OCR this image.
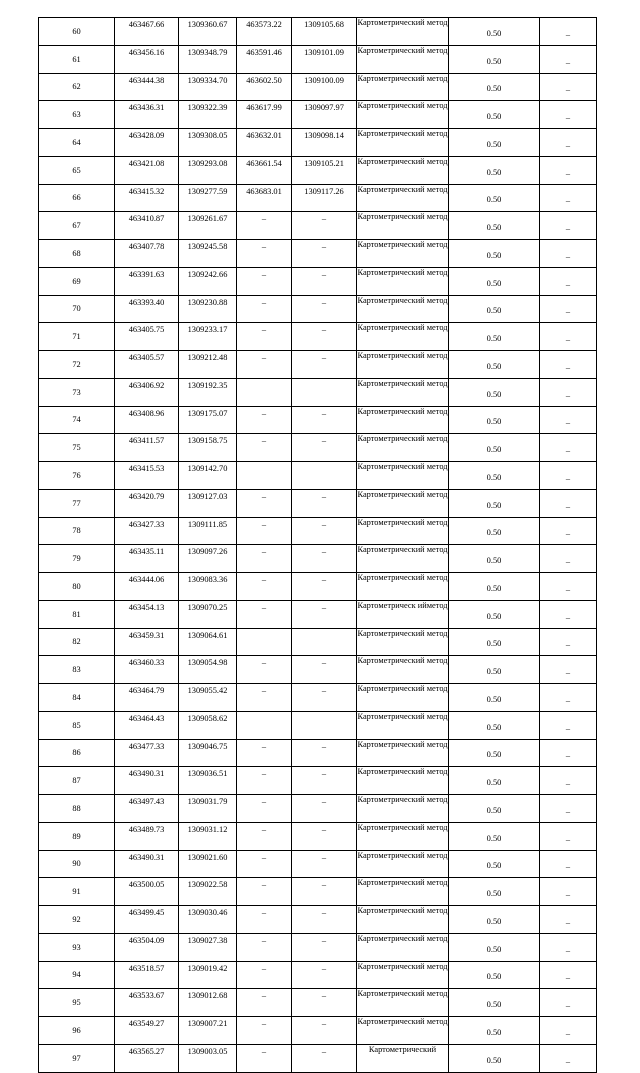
60	463467.66	1309360.67	463573.22	1309105.68	Картометрический метод	0.50	–
61	463456.16	1309348.79	463591.46	1309101.09	Картометрический метод	0.50	–
62	463444.38	1309334.70	463602.50	1309100.09	Картометрический метод	0.50	–
63	463436.31	1309322.39	463617.99	1309097.97	Картометрический метод	0.50	–
64	463428.09	1309308.05	463632.01	1309098.14	Картометрический метод	0.50	–
65	463421.08	1309293.08	463661.54	1309105.21	Картометрический метод	0.50	–
66	463415.32	1309277.59	463683.01	1309117.26	Картометрический метод	0.50	–
67	463410.87	1309261.67	–	–	Картометрический метод	0.50	–
68	463407.78	1309245.58	–	–	Картометрический метод	0.50	–
69	463391.63	1309242.66	–	–	Картометрический метод	0.50	–
70	463393.40	1309230.88	–	–	Картометрический метод	0.50	–
71	463405.75	1309233.17	–	–	Картометрический метод	0.50	–
72	463405.57	1309212.48	–	–	Картометрический метод	0.50	–
73	463406.92	1309192.35			Картометрический метод	0.50	–
74	463408.96	1309175.07	–	–	Картометрический метод	0.50	–
75	463411.57	1309158.75	–	–	Картометрический метод	0.50	–
76	463415.53	1309142.70			Картометрический метод	0.50	–
77	463420.79	1309127.03	–	–	Картометрический метод	0.50	–
78	463427.33	1309111.85	–	–	Картометрический метод	0.50	–
79	463435.11	1309097.26	–	–	Картометрический метод	0.50	–
80	463444.06	1309083.36	–	–	Картометрический метод	0.50	–
81	463454.13	1309070.25	–	–	Картометрическ ийметод	0.50	–
82	463459.31	1309064.61			Картометрический метод	0.50	–
83	463460.33	1309054.98	–	–	Картометрический метод	0.50	–
84	463464.79	1309055.42	–	–	Картометрический метод	0.50	–
85	463464.43	1309058.62			Картометрический метод	0.50	–
86	463477.33	1309046.75	–	–	Картометрический метод	0.50	–
87	463490.31	1309036.51	–	–	Картометрический метод	0.50	–
88	463497.43	1309031.79	–	–	Картометрический метод	0.50	–
89	463489.73	1309031.12	–	–	Картометрический метод	0.50	–
90	463490.31	1309021.60	–	–	Картометрический метод	0.50	–
91	463500.05	1309022.58	–	–	Картометрический метод	0.50	–
92	463499.45	1309030.46	–	–	Картометрический метод	0.50	–
93	463504.09	1309027.38	–	–	Картометрический метод	0.50	–
94	463518.57	1309019.42	–	–	Картометрический метод	0.50	–
95	463533.67	1309012.68	–	–	Картометрический метод	0.50	–
96	463549.27	1309007.21	–	–	Картометрический метод	0.50	–
97	463565.27	1309003.05	–	–	Картометрический	0.50	–
